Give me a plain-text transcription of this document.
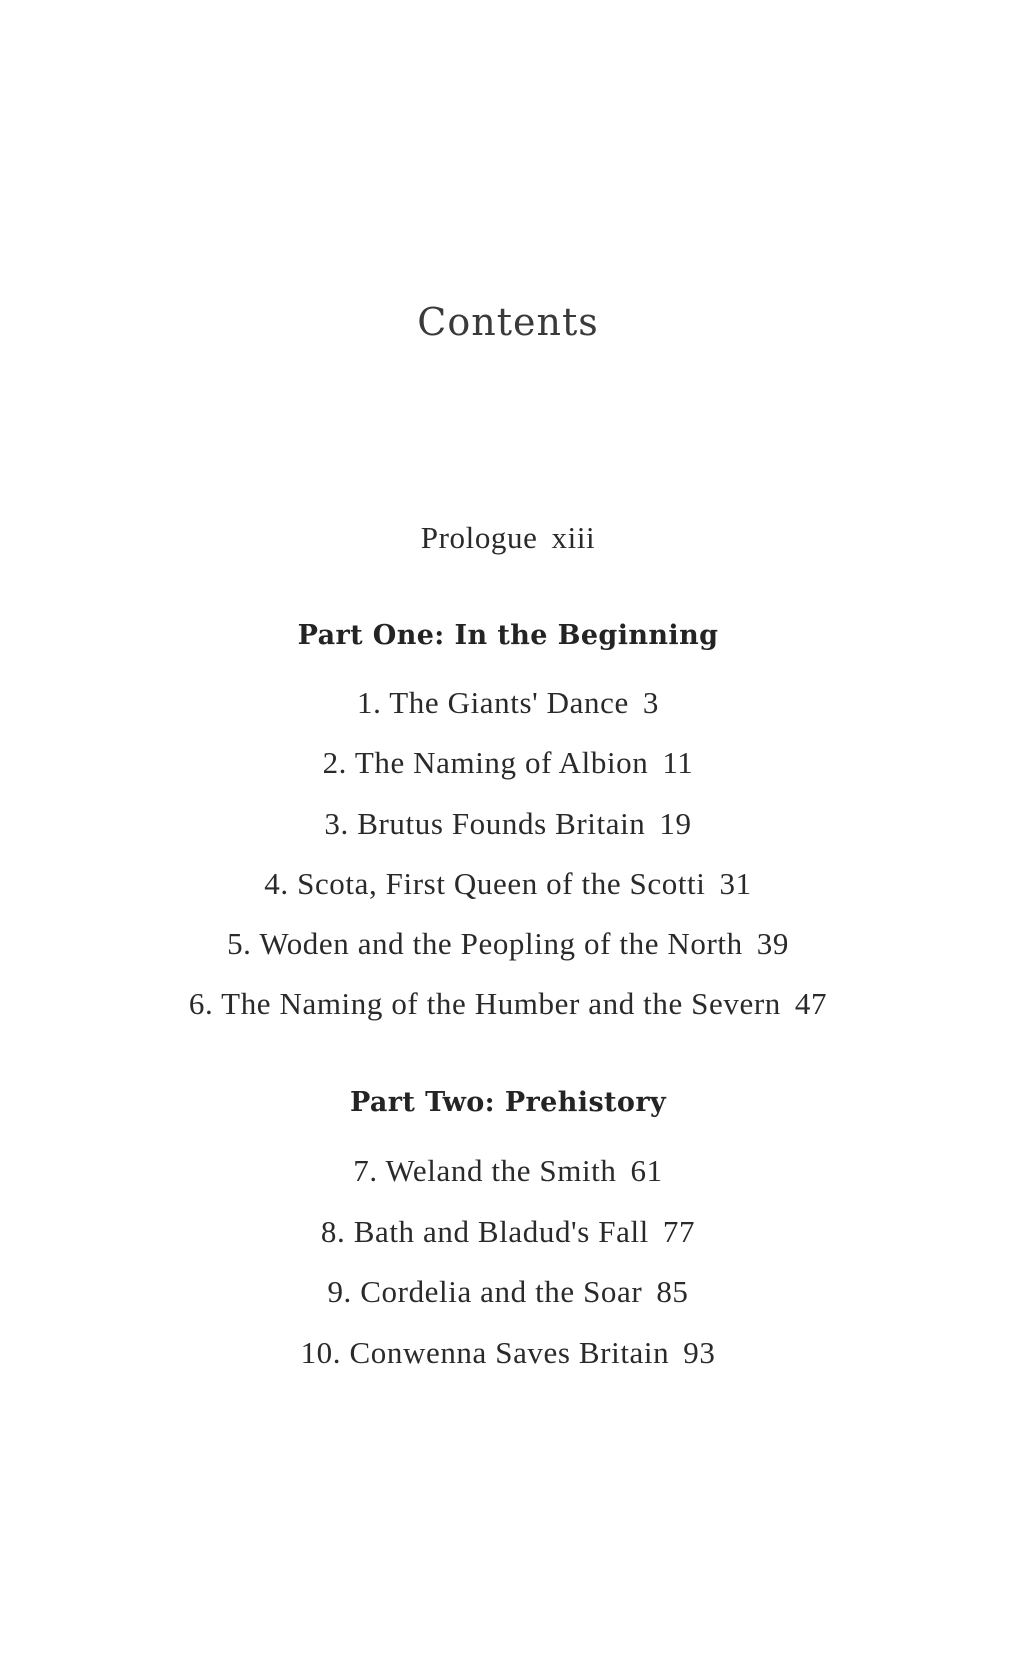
Contents
Prologue xiii
Part One: In the Beginning
1. The Giants' Dance 3
2. The Naming of Albion 11
3. Brutus Founds Britain 19
4. Scota, First Queen of the Scotti 31
5. Woden and the Peopling of the North 39
6. The Naming of the Humber and the Severn 47
Part Two: Prehistory
7. Weland the Smith 61
8. Bath and Bladud's Fall 77
9. Cordelia and the Soar 85
10. Conwenna Saves Britain 93
